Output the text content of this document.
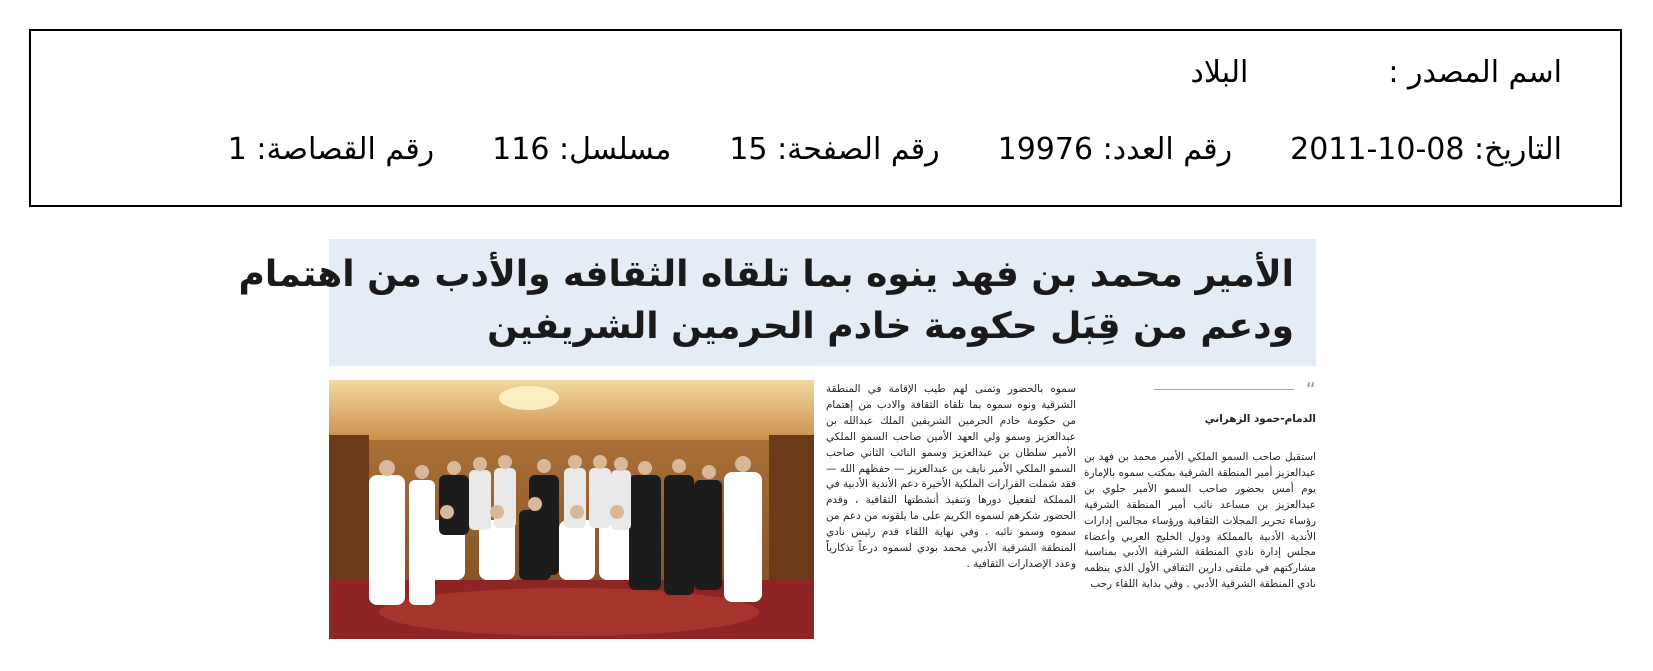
اسم المصدر :البلاد
التاريخ: 2011-10-08رقم العدد: 19976رقم الصفحة: 15مسلسل: 116رقم القصاصة: 1
الأمير محمد بن فهد ينوه بما تلقاه الثقافه والأدب من اهتمام
ودعم من قِبَل حكومة خادم الحرمين الشريفين
سموه بالحضور وتمنى لهم طيب الإقامة في المنطقة الشرقية ونوه سموه بما تلقاه الثقافة والادب من إهتمام من حكومة خادم الحرمين الشريفين الملك عبدالله بن عبدالعزيز وسمو ولي العهد الأمين صاحب السمو الملكي الأمير سلطان بن عبدالعزيز وسمو النائب الثاني صاحب السمو الملكي الأمير نايف بن عبدالعزيز — حفظهم الله — فقد شملت القرارات الملكية الأخيرة دعم الأندية الأدبية في المملكة لتفعيل دورها وتنفيذ أنشطتها الثقافية ، وقدم الحضور شكرهم لسموه الكريم على ما يلقونه من دعم من سموه وسمو نائبه . وفي نهاية اللقاء قدم رئيس نادي المنطقة الشرقية الأدبي محمد بودي لسموه درعاً تذكارياً وعدد الإصدارات الثقافية .
“
الدمام-حمود الزهراني
استقبل صاحب السمو الملكي الأمير محمد بن فهد بن عبدالعزيز أمير المنطقة الشرقية بمكتب سموه بالإمارة يوم أمس بحضور صاحب السمو الأمير جلوي بن عبدالعزيز بن مساعد نائب أمير المنطقة الشرقية رؤساء تحرير المجلات الثقافية ورؤساء مجالس إدارات الأندية الأدبية بالمملكة ودول الخليج العربي وأعضاء مجلس إدارة نادي المنطقة الشرقية الأدبي بمناسبة مشاركتهم في ملتقى دارين الثقافي الأول الذي ينظمه نادي المنطقة الشرقية الأدبي . وفي بداية اللقاء رحب
